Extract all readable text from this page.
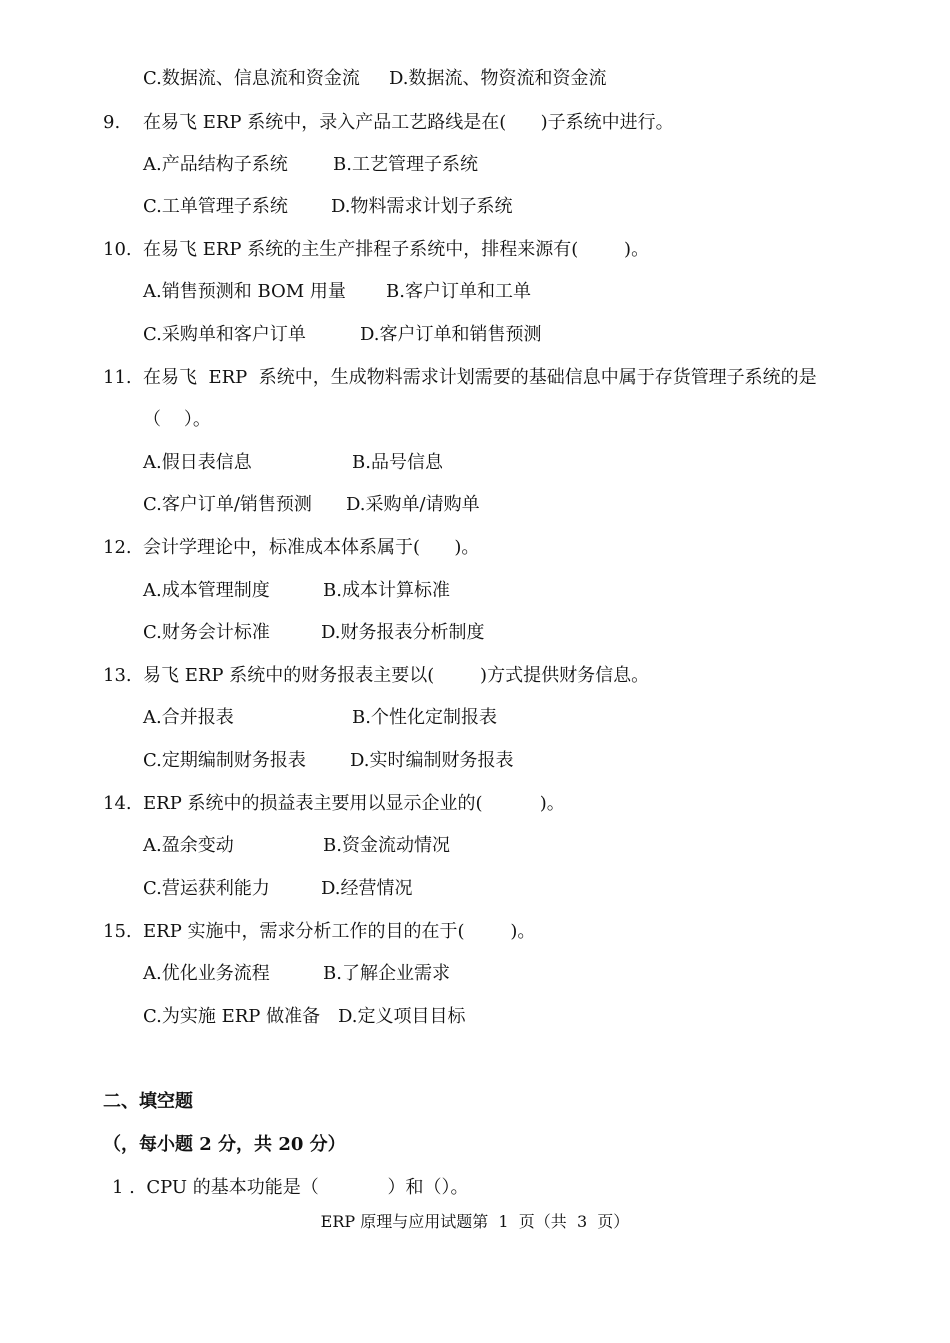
C.数据流、信息流和资金流

D.数据流、物资流和资金流

9. 在易飞 ERP 系统中，录入产品工艺路线是在(      )子系统中进行。

A.产品结构子系统

	B.工艺管理子系统

C.工单管理子系统

D.物料需求计划子系统

10. 在易飞 ERP 系统的主生产排程子系统中，排程来源有(        )。

A.销售预测和 BOM 用量

B.客户订单和工单

C.采购单和客户订单

	D.客户订单和销售预测

11. 在易飞  ERP  系统中，生成物料需求计划需要的基础信息中属于存货管理子系统的是
（    ）。

A.假日表信息

	B.品号信息

C.客户订单/销售预测

D.采购单/请购单

12. 会计学理论中，标准成本体系属于(      )。

A.成本管理制度

	B.成本计算标准

C.财务会计标准

	D.财务报表分析制度

13. 易飞 ERP 系统中的财务报表主要以(        )方式提供财务信息。

A.合并报表

	B.个性化定制报表

C.定期编制财务报表

D.实时编制财务报表

14. ERP 系统中的损益表主要用以显示企业的(          )。

A.盈余变动

	B.资金流动情况

C.营运获利能力

	D.经营情况

15. ERP 实施中，需求分析工作的目的在于(        )。

A.优化业务流程

	B.了解企业需求

C.为实施 ERP 做准备

D.定义项目目标

二、填空题
（，每小题 2 分，共 20 分）
1 .  CPU 的基本功能是（            ）和（）。
ERP 原理与应用试题第  1  页（共  3  页）
